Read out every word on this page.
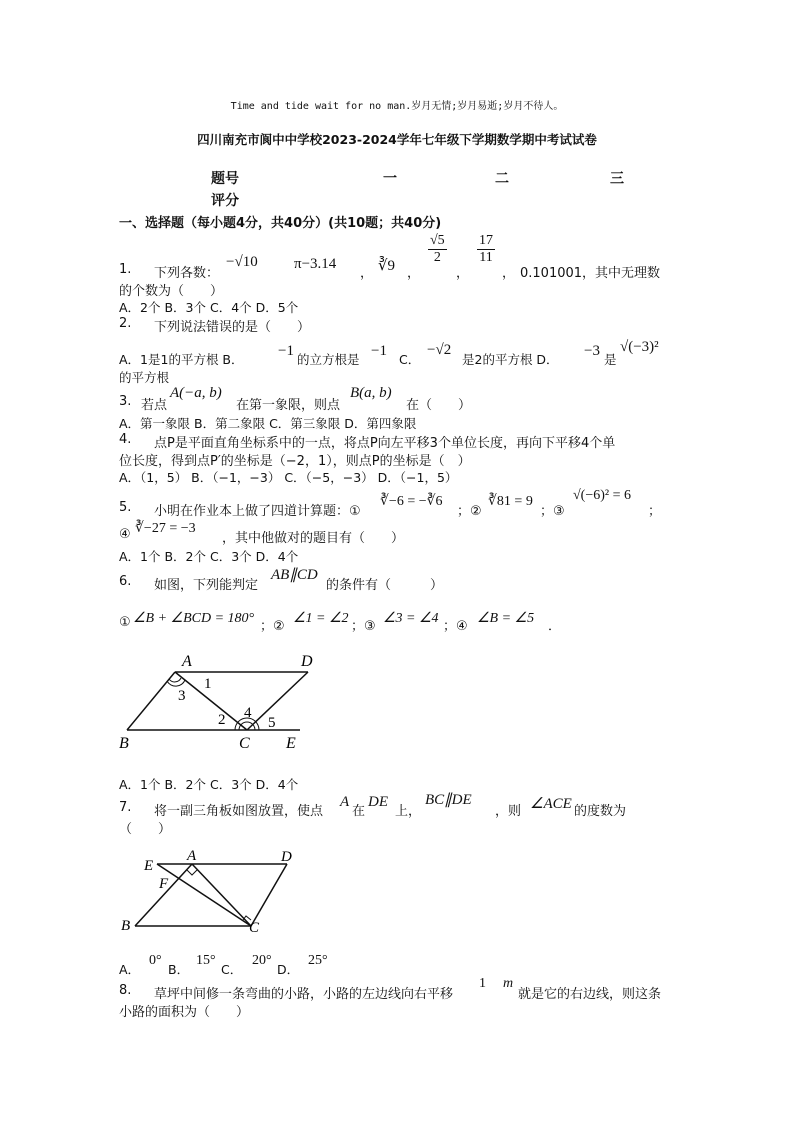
Time and tide wait for no man.岁月无情;岁月易逝;岁月不待人。
四川南充市阆中中学校2023-2024学年七年级下学期数学期中考试试卷
题号	一	二	三
评分
一、选择题（每小题4分，共40分）(共10题；共40分)
1. 下列各数：
−√10 π−3.14	∛9
，	，
$\frac{√5}{2}$
，
$\frac{17}{11}$
， 0.101001，其中无理数
的个数为（　　）
A．2个 B．3个 C．4个 D．5个
2. 下列说法错误的是（　　）
A．1是1的平方根 B．
−1
的立方根是
−1
C．
−√2
是2的平方根 D．
−3
是
√(−3)²
的平方根
3. 若点
A(−a, b)
在第一象限，则点
B(a, b)
在（　　）
A．第一象限 B．第二象限 C．第三象限 D．第四象限
4. 点P是平面直角坐标系中的一点，将点P向左平移3个单位长度，再向下平移4个单
位长度，得到点P′的坐标是（−2，1），则点P的坐标是（　）
A．（1，5） B．（−1，−3） C．（−5，−3） D．（−1，5）
5. 小明在作业本上做了四道计算题：①
∛−6 = −∛6
；②
∛81 = 9
；③
√(−6)² = 6
；
④ ∛−27 = −3
，其中他做对的题目有（　　）
A．1个 B．2个 C．3个 D．4个
6. 如图，下列能判定
AB∥CD
的条件有（　　　）
① ∠B + ∠BCD = 180°
；②
∠1 = ∠2
；③
∠3 = ∠4
；④
∠B = ∠5
．
A	D
B	C E
1
3
2 4
5
A．1个 B．2个 C．3个 D．4个
7. 将一副三角板如图放置，使点
A
在
DE
上，
BC∥DE
，则 ∠ACE 的度数为
（　　）
E
A	D
F
B	C
A．
0°
B．
15°
C．
20°
D．
25°
8. 草坪中间修一条弯曲的小路，小路的左边线向右平移
1 m
就是它的右边线，则这条
小路的面积为（　　）
